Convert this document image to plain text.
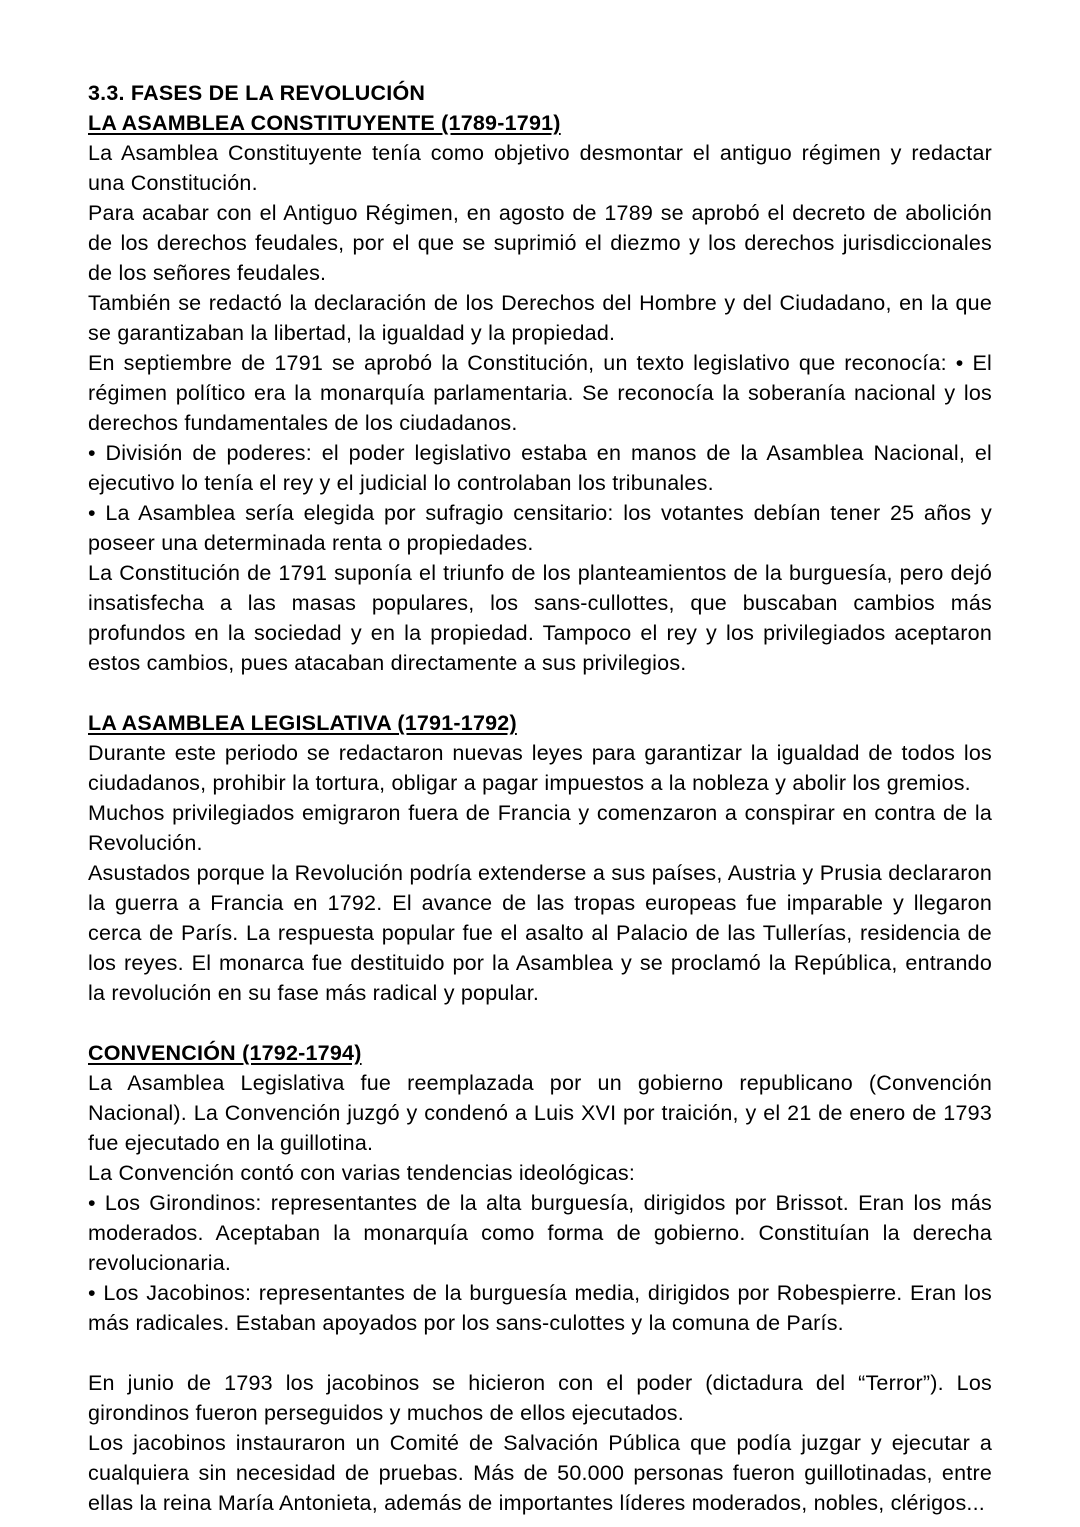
3.3. FASES DE LA REVOLUCIÓN

LA ASAMBLEA CONSTITUYENTE (1789-1791)

La Asamblea Constituyente tenía como objetivo desmontar el antiguo régimen y redactar una Constitución.

Para acabar con el Antiguo Régimen, en agosto de 1789 se aprobó el decreto de abolición de los derechos feudales, por el que se suprimió el diezmo y los derechos jurisdiccionales de los señores feudales.

También se redactó la declaración de los Derechos del Hombre y del Ciudadano, en la que se garantizaban la libertad, la igualdad y la propiedad.

En septiembre de 1791 se aprobó la Constitución, un texto legislativo que reconocía: • El régimen político era la monarquía parlamentaria. Se reconocía la soberanía nacional y los derechos fundamentales de los ciudadanos.

• División de poderes: el poder legislativo estaba en manos de la Asamblea Nacional, el ejecutivo lo tenía el rey y el judicial lo controlaban los tribunales.

• La Asamblea sería elegida por sufragio censitario: los votantes debían tener 25 años y poseer una determinada renta o propiedades.

La Constitución de 1791 suponía el triunfo de los planteamientos de la burguesía, pero dejó insatisfecha a las masas populares, los sans-cullottes, que buscaban cambios más profundos en la sociedad y en la propiedad. Tampoco el rey y los privilegiados aceptaron estos cambios, pues atacaban directamente a sus privilegios.

LA ASAMBLEA LEGISLATIVA (1791-1792)

Durante este periodo se redactaron nuevas leyes para garantizar la igualdad de todos los ciudadanos, prohibir la tortura, obligar a pagar impuestos a la nobleza y abolir los gremios.

Muchos privilegiados emigraron fuera de Francia y comenzaron a conspirar en contra de la Revolución.

Asustados porque la Revolución podría extenderse a sus países, Austria y Prusia declararon la guerra a Francia en 1792. El avance de las tropas europeas fue imparable y llegaron cerca de París. La respuesta popular fue el asalto al Palacio de las Tullerías, residencia de los reyes. El monarca fue destituido por la Asamblea y se proclamó la República, entrando la revolución en su fase más radical y popular.

CONVENCIÓN (1792-1794)

La Asamblea Legislativa fue reemplazada por un gobierno republicano (Convención Nacional). La Convención juzgó y condenó a Luis XVI por traición, y el 21 de enero de 1793 fue ejecutado en la guillotina.

La Convención contó con varias tendencias ideológicas:

• Los Girondinos: representantes de la alta burguesía, dirigidos por Brissot. Eran los más moderados. Aceptaban la monarquía como forma de gobierno. Constituían la derecha revolucionaria.

• Los Jacobinos: representantes de la burguesía media, dirigidos por Robespierre. Eran los más radicales. Estaban apoyados por los sans-culottes y la comuna de París.

En junio de 1793 los jacobinos se hicieron con el poder (dictadura del “Terror”). Los girondinos fueron perseguidos y muchos de ellos ejecutados.

Los jacobinos instauraron un Comité de Salvación Pública que podía juzgar y ejecutar a cualquiera sin necesidad de pruebas. Más de 50.000 personas fueron guillotinadas, entre ellas la reina María Antonieta, además de importantes líderes moderados, nobles, clérigos...
